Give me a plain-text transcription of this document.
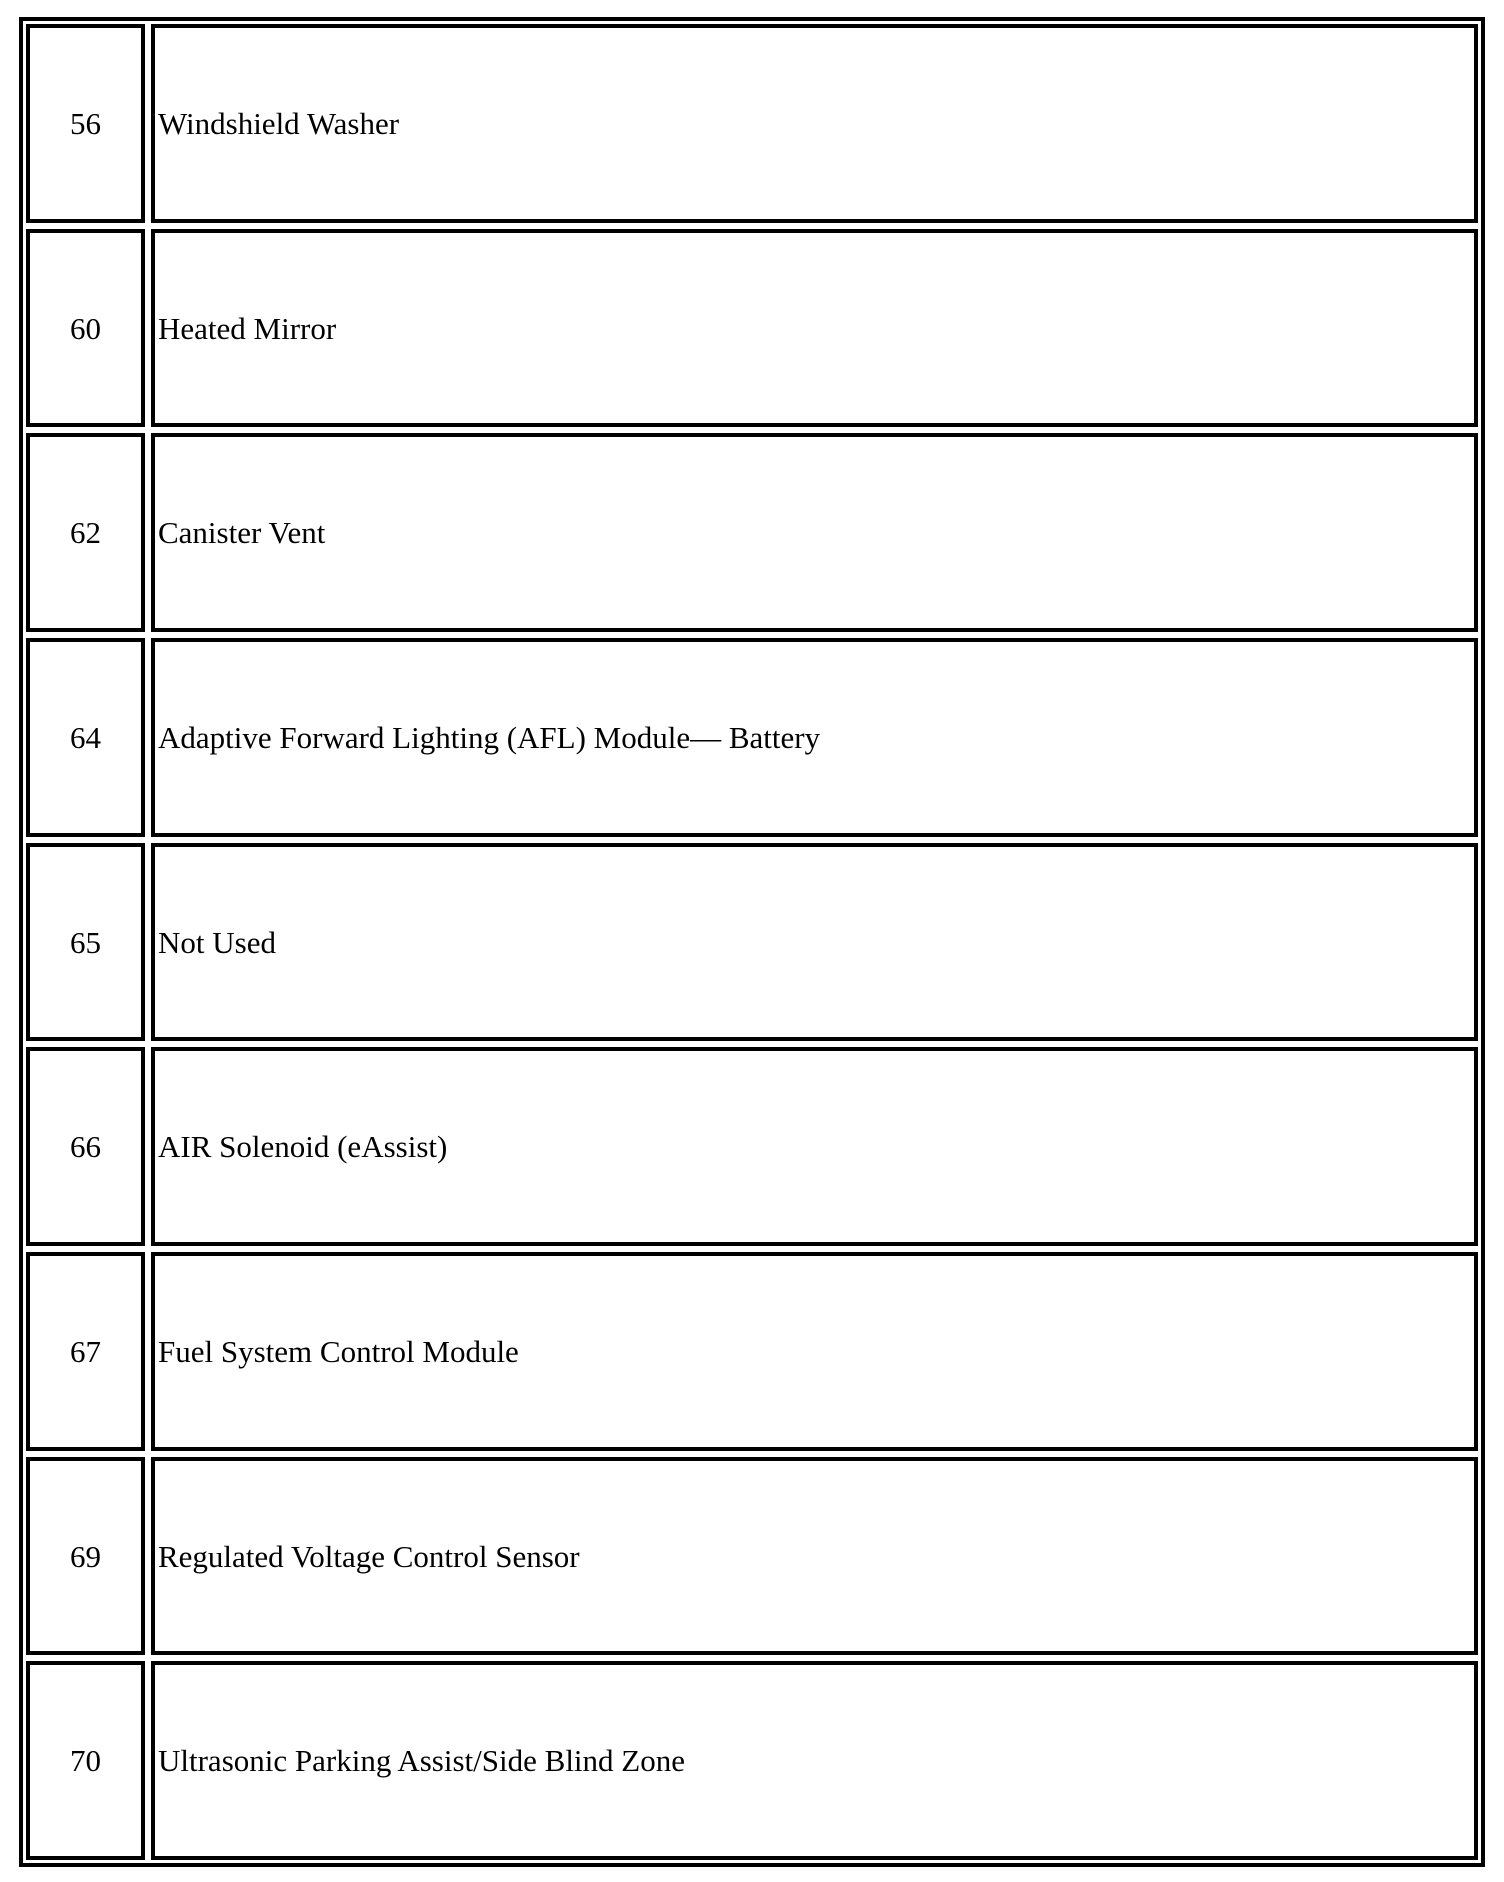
56	Windshield Washer
60	Heated Mirror
62	Canister Vent
64	Adaptive Forward Lighting (AFL) Module— Battery
65	Not Used
66	AIR Solenoid (eAssist)
67	Fuel System Control Module
69	Regulated Voltage Control Sensor
70	Ultrasonic Parking Assist/Side Blind Zone
